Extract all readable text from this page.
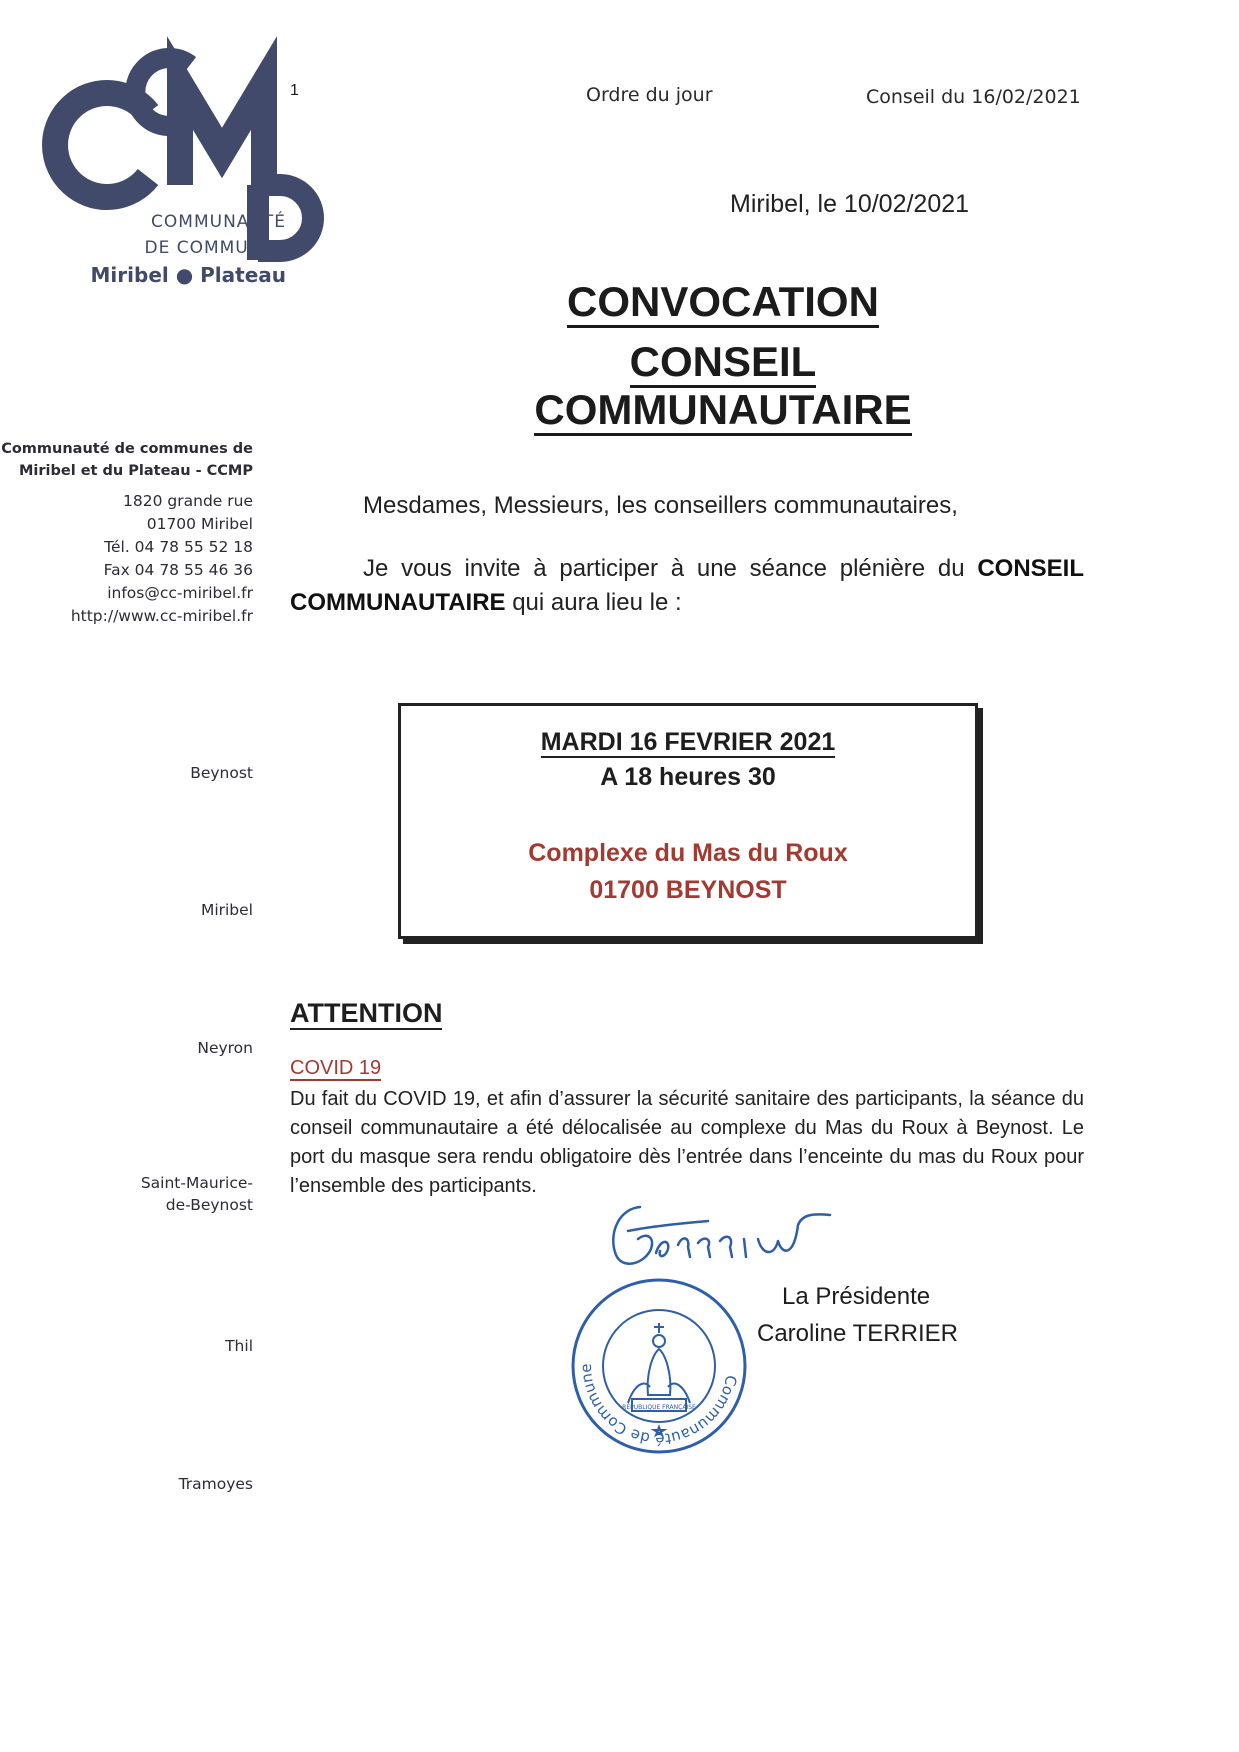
COMMUNAUTÉ
DE COMMUNES
Miribel ● Plateau
1	Ordre du jour	Conseil du 16/02/2021
Miribel, le 10/02/2021
CONVOCATION
CONSEIL COMMUNAUTAIRE
Communauté de communes de
Miribel et du Plateau - CCMP
1820 grande rue
01700 Miribel
Tél. 04 78 55 52 18
Fax 04 78 55 46 36
infos@cc-miribel.fr
http://www.cc-miribel.fr
Beynost
Miribel
Neyron
Saint-Maurice-
de-Beynost
Thil
Tramoyes
Mesdames, Messieurs, les conseillers communautaires,
Je vous invite à participer à une séance plénière du CONSEIL COMMUNAUTAIRE qui aura lieu le :
MARDI 16 FEVRIER 2021
A 18 heures 30
Complexe du Mas du Roux
01700 BEYNOST
ATTENTION
COVID 19
Du fait du COVID 19, et afin d’assurer la sécurité sanitaire des participants, la séance du conseil communautaire a été délocalisée au complexe du Mas du Roux à Beynost. Le port du masque sera rendu obligatoire dès l’entrée dans l’enceinte du mas du Roux pour l’ensemble des participants.
Communauté de Commune
RÉPUBLIQUE FRANÇAISE
La Présidente
Caroline TERRIER
